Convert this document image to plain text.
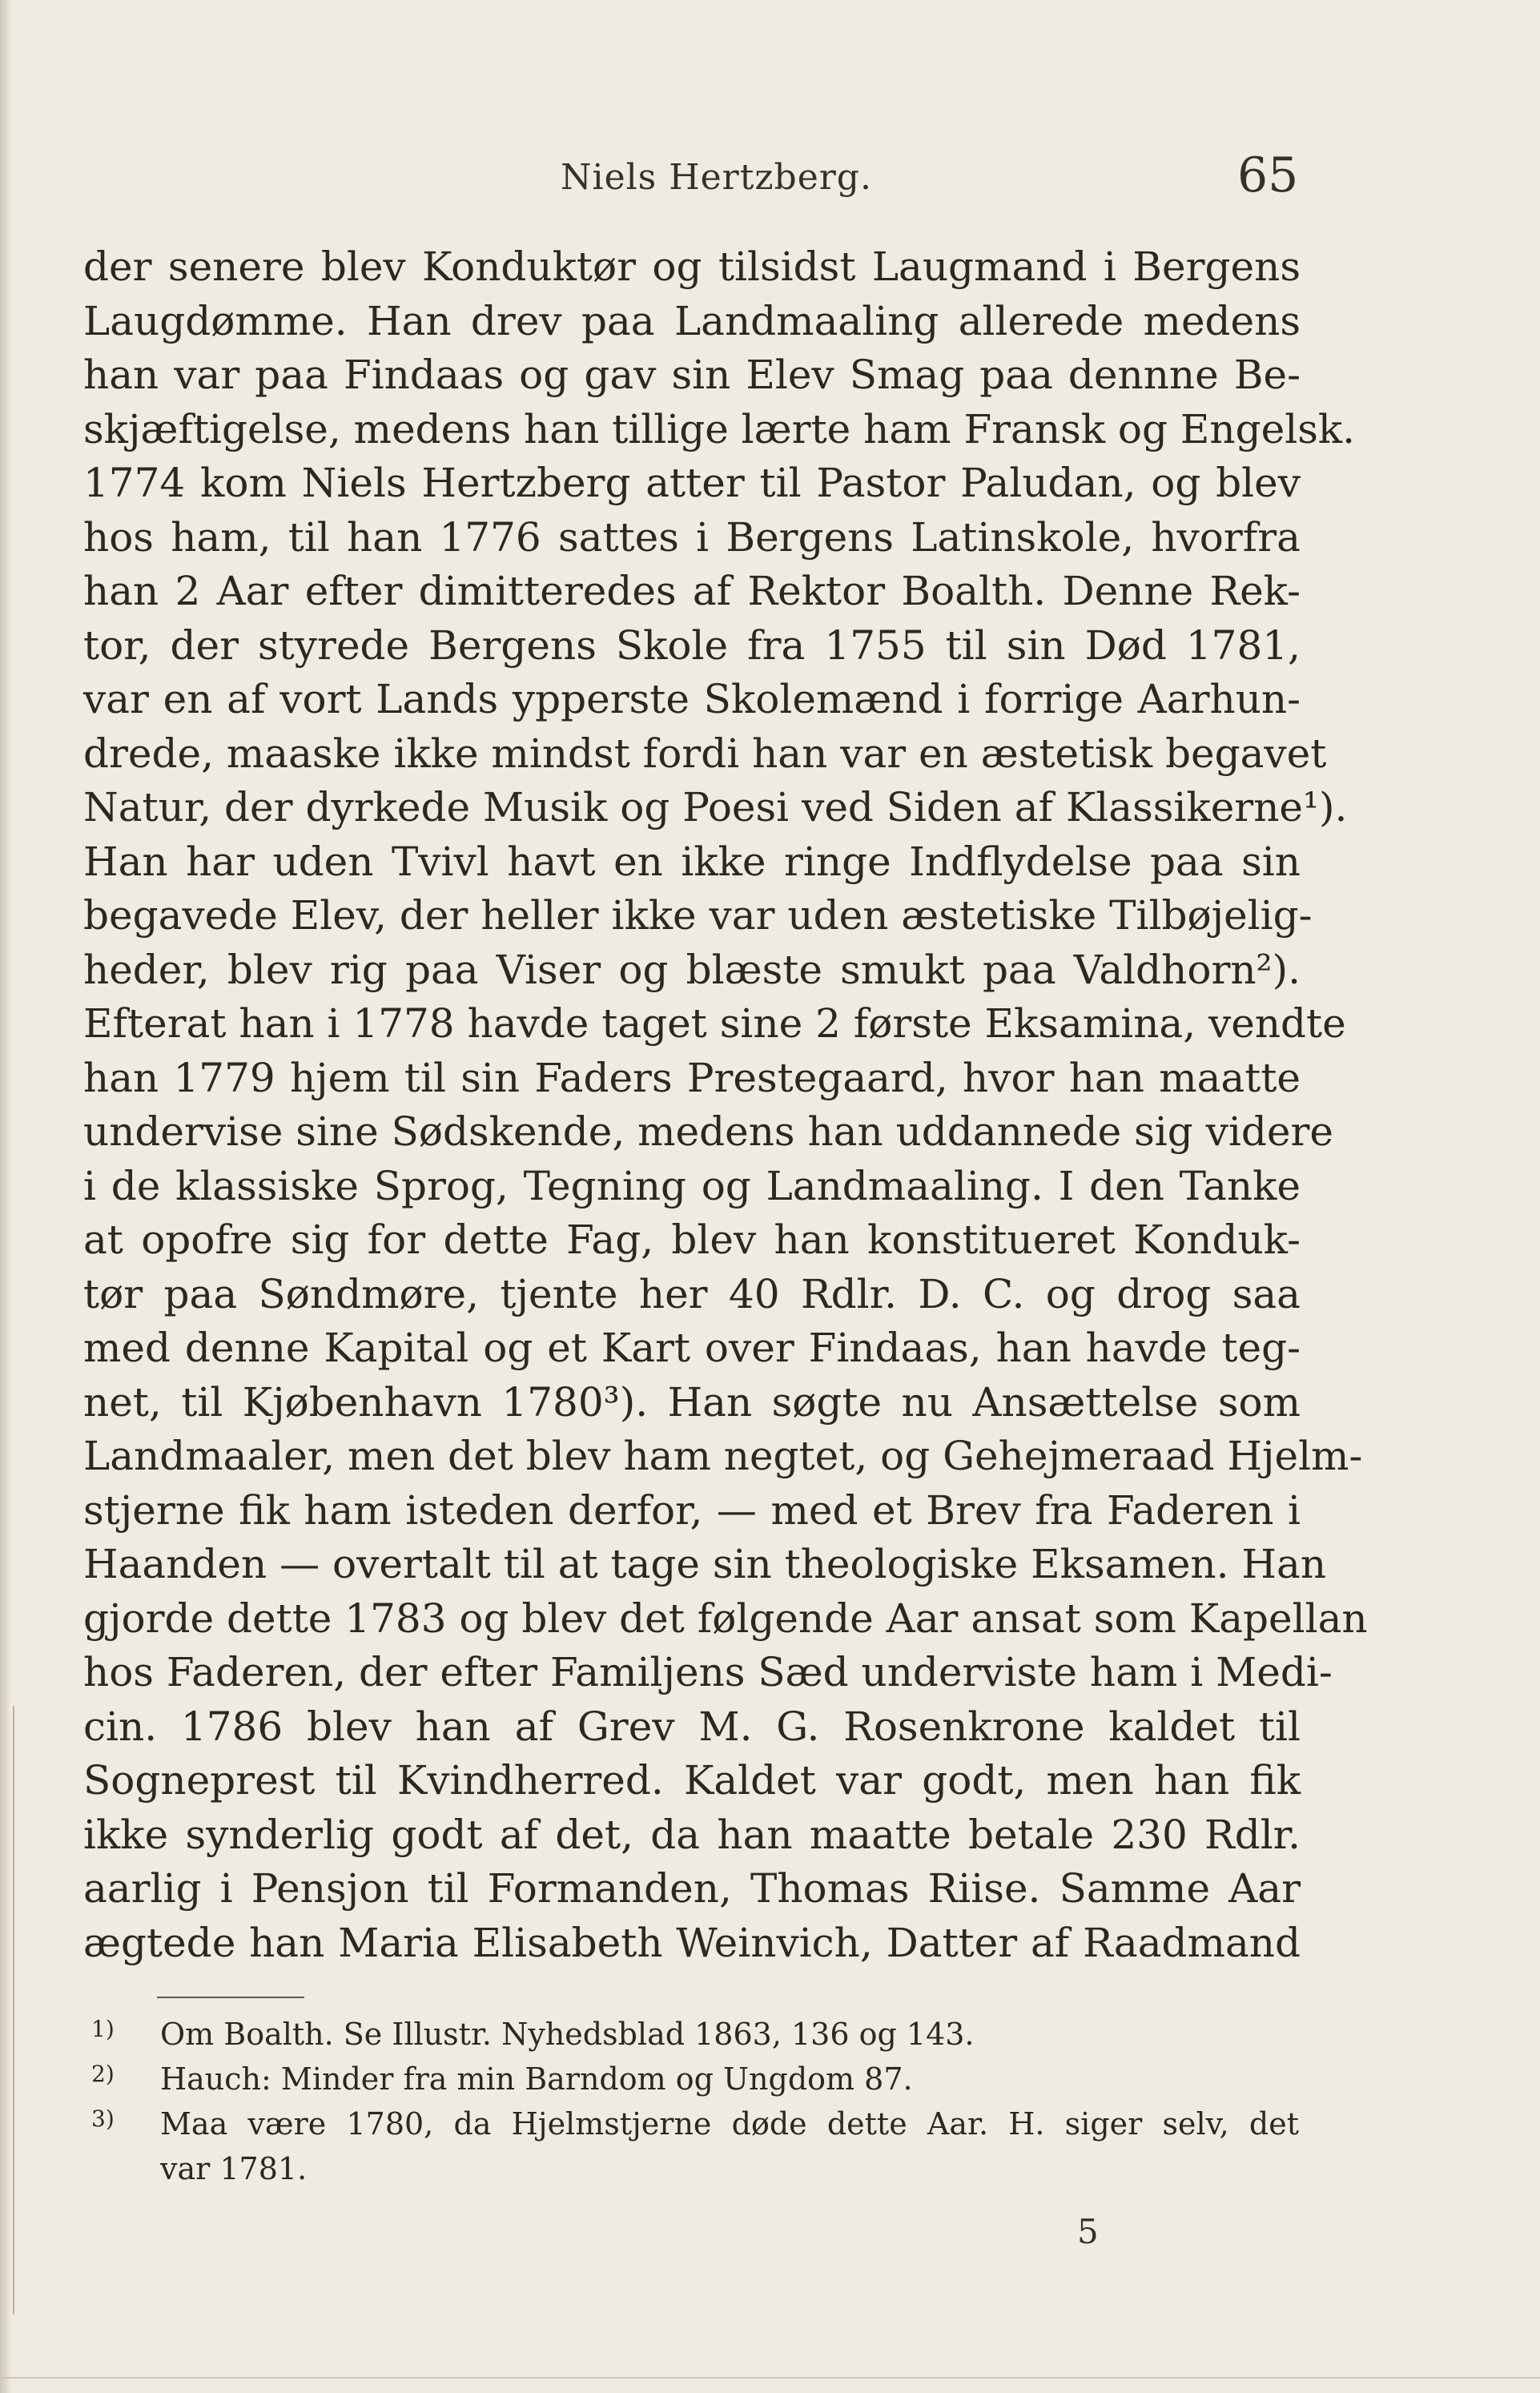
Niels Hertzberg.	65
der senere blev Konduktør og tilsidst Laugmand i Bergens
Laugdømme. Han drev paa Landmaaling allerede medens
han var paa Findaas og gav sin Elev Smag paa dennne Be-
skjæftigelse, medens han tillige lærte ham Fransk og Engelsk.
1774 kom Niels Hertzberg atter til Pastor Paludan, og blev
hos ham, til han 1776 sattes i Bergens Latinskole, hvorfra
han 2 Aar efter dimitteredes af Rektor Boalth. Denne Rek-
tor, der styrede Bergens Skole fra 1755 til sin Død 1781,
var en af vort Lands ypperste Skolemænd i forrige Aarhun-
drede, maaske ikke mindst fordi han var en æstetisk begavet
Natur, der dyrkede Musik og Poesi ved Siden af Klassikerne¹).
Han har uden Tvivl havt en ikke ringe Indflydelse paa sin
begavede Elev, der heller ikke var uden æstetiske Tilbøjelig-
heder, blev rig paa Viser og blæste smukt paa Valdhorn²).
Efterat han i 1778 havde taget sine 2 første Eksamina, vendte
han 1779 hjem til sin Faders Prestegaard, hvor han maatte
undervise sine Sødskende, medens han uddannede sig videre
i de klassiske Sprog, Tegning og Landmaaling. I den Tanke
at opofre sig for dette Fag, blev han konstitueret Konduk-
tør paa Søndmøre, tjente her 40 Rdlr. D. C. og drog saa
med denne Kapital og et Kart over Findaas, han havde teg-
net, til Kjøbenhavn 1780³). Han søgte nu Ansættelse som
Landmaaler, men det blev ham negtet, og Gehejmeraad Hjelm-
stjerne fik ham isteden derfor, — med et Brev fra Faderen i
Haanden — overtalt til at tage sin theologiske Eksamen. Han
gjorde dette 1783 og blev det følgende Aar ansat som Kapellan
hos Faderen, der efter Familjens Sæd underviste ham i Medi-
cin. 1786 blev han af Grev M. G. Rosenkrone kaldet til
Sogneprest til Kvindherred. Kaldet var godt, men han fik
ikke synderlig godt af det, da han maatte betale 230 Rdlr.
aarlig i Pensjon til Formanden, Thomas Riise. Samme Aar
ægtede han Maria Elisabeth Weinvich, Datter af Raadmand
1) Om Boalth. Se Illustr. Nyhedsblad 1863, 136 og 143.
2) Hauch: Minder fra min Barndom og Ungdom 87.
3) Maa være 1780, da Hjelmstjerne døde dette Aar. H. siger selv, det
var 1781.
5
